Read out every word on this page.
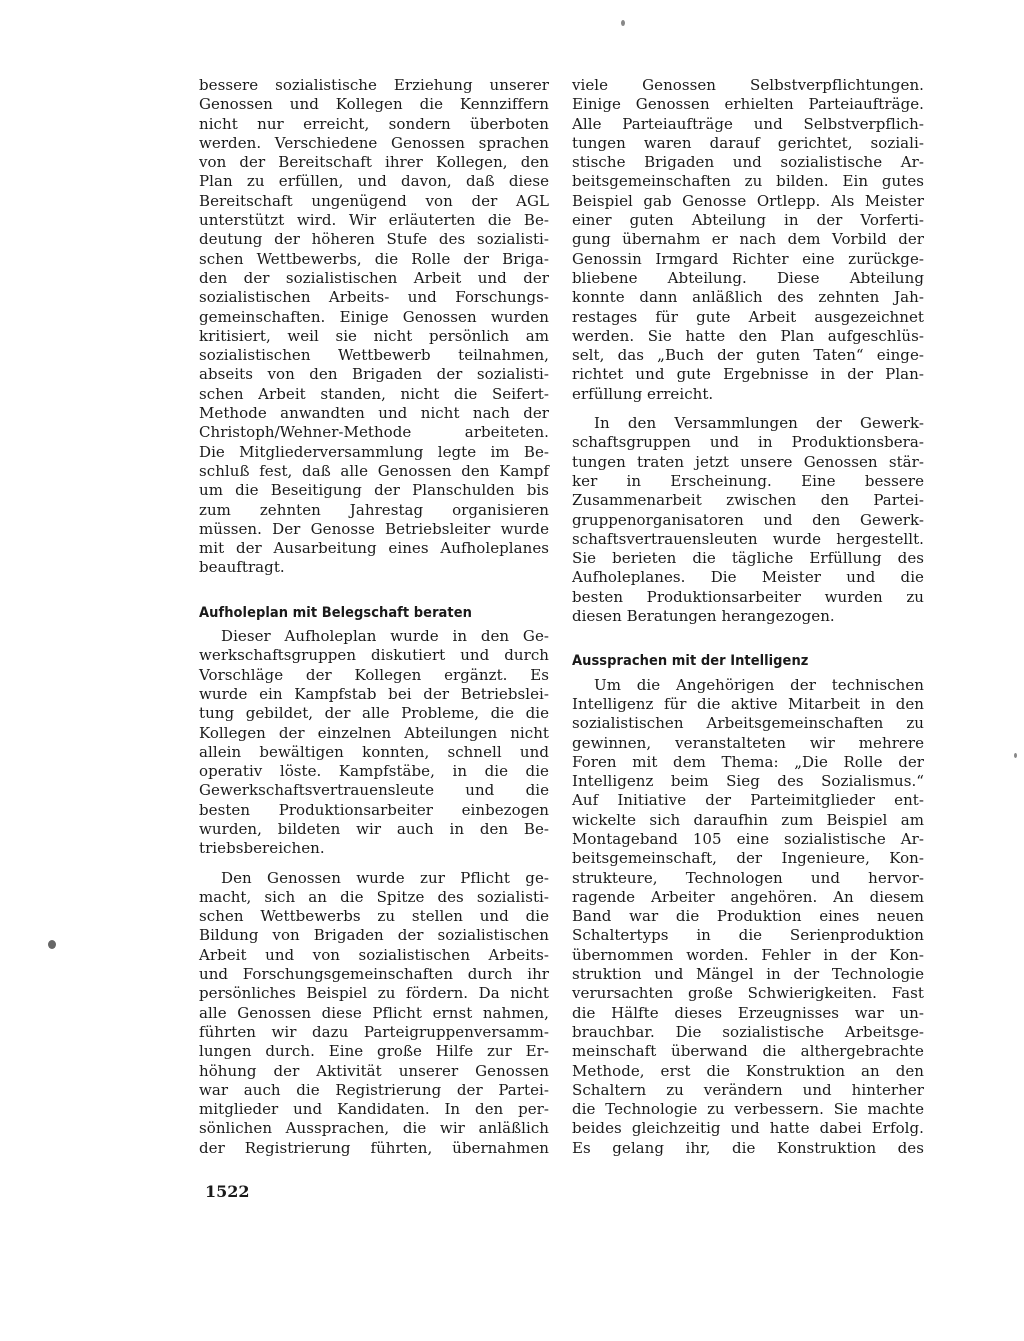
bessere sozialistische Erziehung unserer
Genossen und Kollegen die Kennziffern
nicht nur erreicht, sondern überboten
werden. Verschiedene Genossen sprachen
von der Bereitschaft ihrer Kollegen, den
Plan zu erfüllen, und davon, daß diese
Bereitschaft ungenügend von der AGL
unterstützt wird. Wir erläuterten die Be-
deutung der höheren Stufe des sozialisti-
schen Wettbewerbs, die Rolle der Briga-
den der sozialistischen Arbeit und der
sozialistischen Arbeits- und Forschungs-
gemeinschaften. Einige Genossen wurden
kritisiert, weil sie nicht persönlich am
sozialistischen Wettbewerb teilnahmen,
abseits von den Brigaden der sozialisti-
schen Arbeit standen, nicht die Seifert-
Methode anwandten und nicht nach der
Christoph/Wehner-Methode arbeiteten.
Die Mitgliederversammlung legte im Be-
schluß fest, daß alle Genossen den Kampf
um die Beseitigung der Planschulden bis
zum zehnten Jahrestag organisieren
müssen. Der Genosse Betriebsleiter wurde
mit der Ausarbeitung eines Aufholeplanes
beauftragt.
Aufholeplan mit Belegschaft beraten
Dieser Aufholeplan wurde in den Ge-
werkschaftsgruppen diskutiert und durch
Vorschläge der Kollegen ergänzt. Es
wurde ein Kampfstab bei der Betriebslei-
tung gebildet, der alle Probleme, die die
Kollegen der einzelnen Abteilungen nicht
allein bewältigen konnten, schnell und
operativ löste. Kampfstäbe, in die die
Gewerkschaftsvertrauensleute und die
besten Produktionsarbeiter einbezogen
wurden, bildeten wir auch in den Be-
triebsbereichen.
Den Genossen wurde zur Pflicht ge-
macht, sich an die Spitze des sozialisti-
schen Wettbewerbs zu stellen und die
Bildung von Brigaden der sozialistischen
Arbeit und von sozialistischen Arbeits-
und Forschungsgemeinschaften durch ihr
persönliches Beispiel zu fördern. Da nicht
alle Genossen diese Pflicht ernst nahmen,
führten wir dazu Parteigruppenversamm-
lungen durch. Eine große Hilfe zur Er-
höhung der Aktivität unserer Genossen
war auch die Registrierung der Partei-
mitglieder und Kandidaten. In den per-
sönlichen Aussprachen, die wir anläßlich
der Registrierung führten, übernahmen
viele Genossen Selbstverpflichtungen.
Einige Genossen erhielten Parteiaufträge.
Alle Parteiaufträge und Selbstverpflich-
tungen waren darauf gerichtet, soziali-
stische Brigaden und sozialistische Ar-
beitsgemeinschaften zu bilden. Ein gutes
Beispiel gab Genosse Ortlepp. Als Meister
einer guten Abteilung in der Vorferti-
gung übernahm er nach dem Vorbild der
Genossin Irmgard Richter eine zurückge-
bliebene Abteilung. Diese Abteilung
konnte dann anläßlich des zehnten Jah-
restages für gute Arbeit ausgezeichnet
werden. Sie hatte den Plan aufgeschlüs-
selt, das „Buch der guten Taten“ einge-
richtet und gute Ergebnisse in der Plan-
erfüllung erreicht.
In den Versammlungen der Gewerk-
schaftsgruppen und in Produktionsbera-
tungen traten jetzt unsere Genossen stär-
ker in Erscheinung. Eine bessere
Zusammenarbeit zwischen den Partei-
gruppenorganisatoren und den Gewerk-
schaftsvertrauensleuten wurde hergestellt.
Sie berieten die tägliche Erfüllung des
Aufholeplanes. Die Meister und die
besten Produktionsarbeiter wurden zu
diesen Beratungen herangezogen.
Aussprachen mit der Intelligenz
Um die Angehörigen der technischen
Intelligenz für die aktive Mitarbeit in den
sozialistischen Arbeitsgemeinschaften zu
gewinnen, veranstalteten wir mehrere
Foren mit dem Thema: „Die Rolle der
Intelligenz beim Sieg des Sozialismus.“
Auf Initiative der Parteimitglieder ent-
wickelte sich daraufhin zum Beispiel am
Montageband 105 eine sozialistische Ar-
beitsgemeinschaft, der Ingenieure, Kon-
strukteure, Technologen und hervor-
ragende Arbeiter angehören. An diesem
Band war die Produktion eines neuen
Schaltertyps in die Serienproduktion
übernommen worden. Fehler in der Kon-
struktion und Mängel in der Technologie
verursachten große Schwierigkeiten. Fast
die Hälfte dieses Erzeugnisses war un-
brauchbar. Die sozialistische Arbeitsge-
meinschaft überwand die althergebrachte
Methode, erst die Konstruktion an den
Schaltern zu verändern und hinterher
die Technologie zu verbessern. Sie machte
beides gleichzeitig und hatte dabei Erfolg.
Es gelang ihr, die Konstruktion des
1522
